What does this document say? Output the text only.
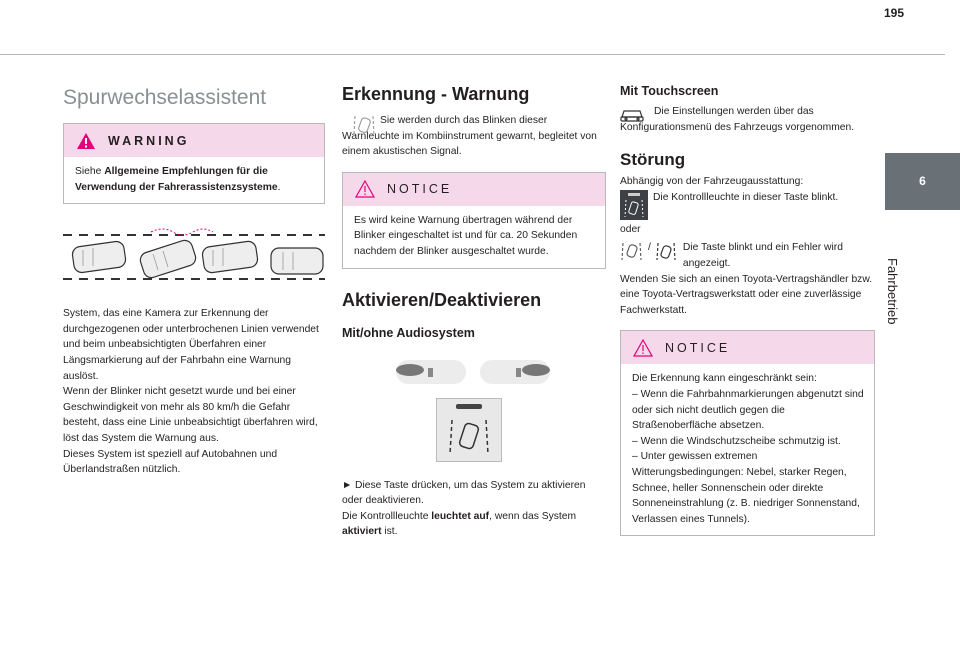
195
6
Fahrbetrieb
Spurwechselassistent
WARNING
Siehe Allgemeine Empfehlungen für die Verwendung der Fahrerassistenzsysteme.
System, das eine Kamera zur Erkennung der durchgezogenen oder unterbrochenen Linien verwendet und beim unbeabsichtigten Überfahren einer Längsmarkierung auf der Fahrbahn eine Warnung auslöst.
Wenn der Blinker nicht gesetzt wurde und bei einer Geschwindigkeit von mehr als 80 km/h die Gefahr besteht, dass eine Linie unbeabsichtigt überfahren wird, löst das System die Warnung aus.
Dieses System ist speziell auf Autobahnen und Überlandstraßen nützlich.
Erkennung - Warnung
Sie werden durch das Blinken dieser Warnleuchte im Kombiinstrument gewarnt, begleitet von einem akustischen Signal.
NOTICE
Es wird keine Warnung übertragen während der Blinker eingeschaltet ist und für ca. 20 Sekunden nachdem der Blinker ausgeschaltet wurde.
Aktivieren/Deaktivieren
Mit/ohne Audiosystem
► Diese Taste drücken, um das System zu aktivieren oder deaktivieren.
Die Kontrollleuchte leuchtet auf, wenn das System aktiviert ist.
Mit Touchscreen
Die Einstellungen werden über das Konfigurationsmenü des Fahrzeugs vorgenommen.
Störung
Abhängig von der Fahrzeugausstattung:
Die Kontrollleuchte in dieser Taste blinkt.
oder
/	Die Taste blinkt und ein Fehler wird angezeigt.
Wenden Sie sich an einen Toyota-Vertragshändler bzw. eine Toyota-Vertragswerkstatt oder eine zuverlässige Fachwerkstatt.
NOTICE
Die Erkennung kann eingeschränkt sein:
– Wenn die Fahrbahnmarkierungen abgenutzt sind oder sich nicht deutlich gegen die Straßenoberfläche absetzen.
– Wenn die Windschutzscheibe schmutzig ist.
– Unter gewissen extremen Witterungsbedingungen: Nebel, starker Regen, Schnee, heller Sonnenschein oder direkte Sonneneinstrahlung (z. B. niedriger Sonnenstand, Verlassen eines Tunnels).
